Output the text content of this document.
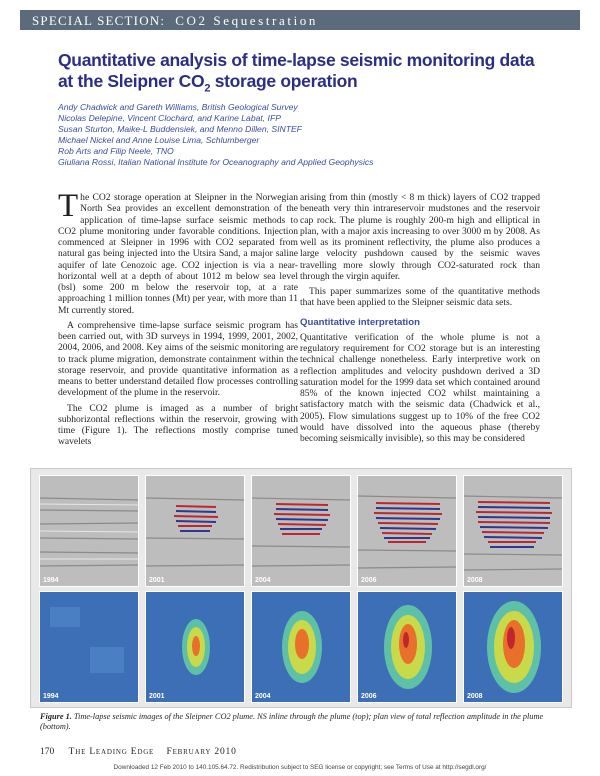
SPECIAL SECTION: CO2 Sequestration
Quantitative analysis of time-lapse seismic monitoring data
at the Sleipner $CO_2$ storage operation
Andy Chadwick and Gareth Williams, British Geological Survey
Nicolas Delepine, Vincent Clochard, and Karine Labat, IFP
Susan Sturton, Maike-L Buddensiek, and Menno Dillen, SINTEF
Michael Nickel and Anne Louise Lima, Schlumberger
Rob Arts and Filip Neele, TNO
Giuliana Rossi, Italian National Institute for Oceanography and Applied Geophysics

The CO2 storage operation at Sleipner in the Norwegian North Sea provides an excellent demonstration of the application of time-lapse surface seismic methods to CO2 plume monitoring under favorable conditions. Injection commenced at Sleipner in 1996 with CO2 separated from natural gas being injected into the Utsira Sand, a major saline aquifer of late Cenozoic age. CO2 injection is via a near-horizontal well at a depth of about 1012 m below sea level (bsl) some 200 m below the reservoir top, at a rate approaching 1 million tonnes (Mt) per year, with more than 11 Mt currently stored.

A comprehensive time-lapse surface seismic program has been carried out, with 3D surveys in 1994, 1999, 2001, 2002, 2004, 2006, and 2008. Key aims of the seismic monitoring are to track plume migration, demonstrate containment within the storage reservoir, and provide quantitative information as a means to better understand detailed flow processes controlling development of the plume in the reservoir.

The CO2 plume is imaged as a number of bright subhorizontal reflections within the reservoir, growing with time (Figure 1). The reflections mostly comprise tuned wavelets

arising from thin (mostly < 8 m thick) layers of CO2 trapped beneath very thin intrareservoir mudstones and the reservoir cap rock. The plume is roughly 200-m high and elliptical in plan, with a major axis increasing to over 3000 m by 2008. As well as its prominent reflectivity, the plume also produces a large velocity pushdown caused by the seismic waves travelling more slowly through CO2-saturated rock than through the virgin aquifer.

This paper summarizes some of the quantitative methods that have been applied to the Sleipner seismic data sets.

Quantitative interpretation

Quantitative verification of the whole plume is not a regulatory requirement for CO2 storage but is an interesting technical challenge nonetheless. Early interpretive work on reflection amplitudes and velocity pushdown derived a 3D saturation model for the 1999 data set which contained around 85% of the known injected CO2 whilst maintaining a satisfactory match with the seismic data (Chadwick et al., 2005). Flow simulations suggest up to 10% of the free CO2 would have dissolved into the aqueous phase (thereby becoming seismically invisible), so this may be considered

1994	2001	2004	2006	2008
1994	2001	2004	2006	2008
Figure 1. Time-lapse seismic images of the Sleipner CO2 plume. NS inline through the plume (top); plan view of total reflection amplitude in the plume (bottom).
170 The Leading Edge February 2010
Downloaded 12 Feb 2010 to 140.105.64.72. Redistribution subject to SEG license or copyright; see Terms of Use at http://segdl.org/
